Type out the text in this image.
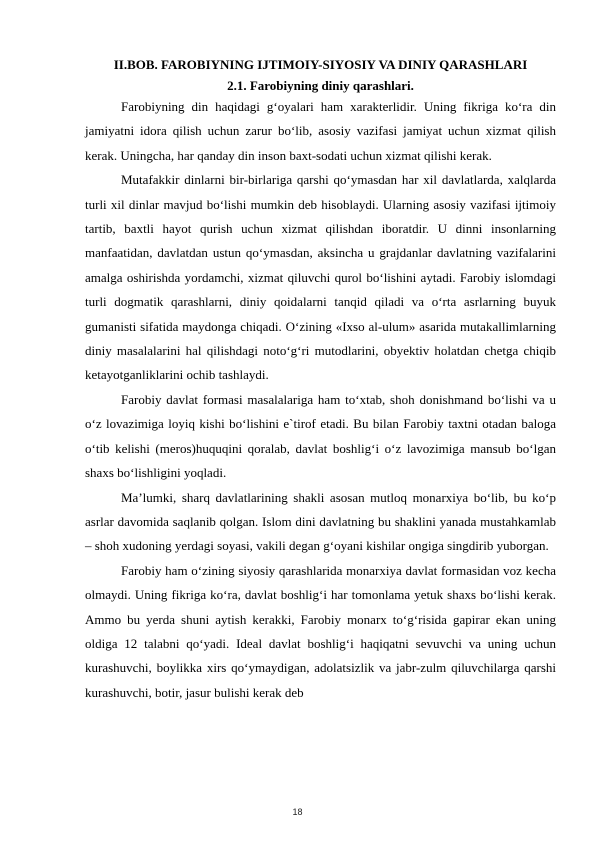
II.BOB. FAROBIYNING IJTIMOIY-SIYOSIY VA DINIY QARASHLARI
2.1. Farobiyning diniy qarashlari.

Farobiyning din haqidagi g‘oyalari ham xarakterlidir. Uning fikriga ko‘ra din jamiyatni idora qilish uchun zarur bo‘lib, asosiy vazifasi jamiyat uchun xizmat qilish kerak. Uningcha, har qanday din inson baxt-sodati uchun xizmat qilishi kerak.

Mutafakkir dinlarni bir-birlariga qarshi qo‘ymasdan har xil davlatlarda, xalqlarda turli xil dinlar mavjud bo‘lishi mumkin deb hisoblaydi. Ularning asosiy vazifasi ijtimoiy tartib, baxtli hayot qurish uchun xizmat qilishdan iboratdir. U dinni insonlarning manfaatidan, davlatdan ustun qo‘ymasdan, aksincha u grajdanlar davlatning vazifalarini amalga oshirishda yordamchi, xizmat qiluvchi qurol bo‘lishini aytadi. Farobiy islomdagi turli dogmatik qarashlarni, diniy qoidalarni tanqid qiladi va o‘rta asrlarning buyuk gumanisti sifatida maydonga chiqadi. O‘zining «Ixso al-ulum» asarida mutakallimlarning diniy masalalarini hal qilishdagi noto‘g‘ri mutodlarini, obyektiv holatdan chetga chiqib ketayotganliklarini ochib tashlaydi.

Farobiy davlat formasi masalalariga ham to‘xtab, shoh donishmand bo‘lishi va u o‘z lovazimiga loyiq kishi bo‘lishini e`tirof etadi. Bu bilan Farobiy taxtni otadan balogа o‘tib kelishi (meros)huquqini qoralab, davlat boshlig‘i o‘z lavozimiga mansub bo‘lgan shaxs bo‘lishligini yoqladi.

Ma’lumki, sharq davlatlarining shakli asosan mutloq monarxiya bo‘lib, bu ko‘p asrlar davomida saqlanib qolgan. Islom dini davlatning bu shaklini yanada mustahkamlab – shoh xudoning yerdagi soyasi, vakili degan g‘oyani kishilar ongiga singdirib yuborgan.

Farobiy ham o‘zining siyosiy qarashlarida monarxiya davlat formasidan voz kecha olmaydi. Uning fikriga ko‘ra, davlat boshlig‘i har tomonlama yetuk shaxs bo‘lishi kerak. Ammo bu yerda shuni aytish kerakki, Farobiy monarx to‘g‘risida gapirar ekan uning oldiga 12 talabni qo‘yadi. Ideal davlat boshlig‘i haqiqatni sevuvchi va uning uchun kurashuvchi, boylikka xirs qo‘ymaydigan, adolatsizlik va jabr-zulm qiluvchilarga qarshi kurashuvchi, botir, jasur bulishi kerak deb

18
